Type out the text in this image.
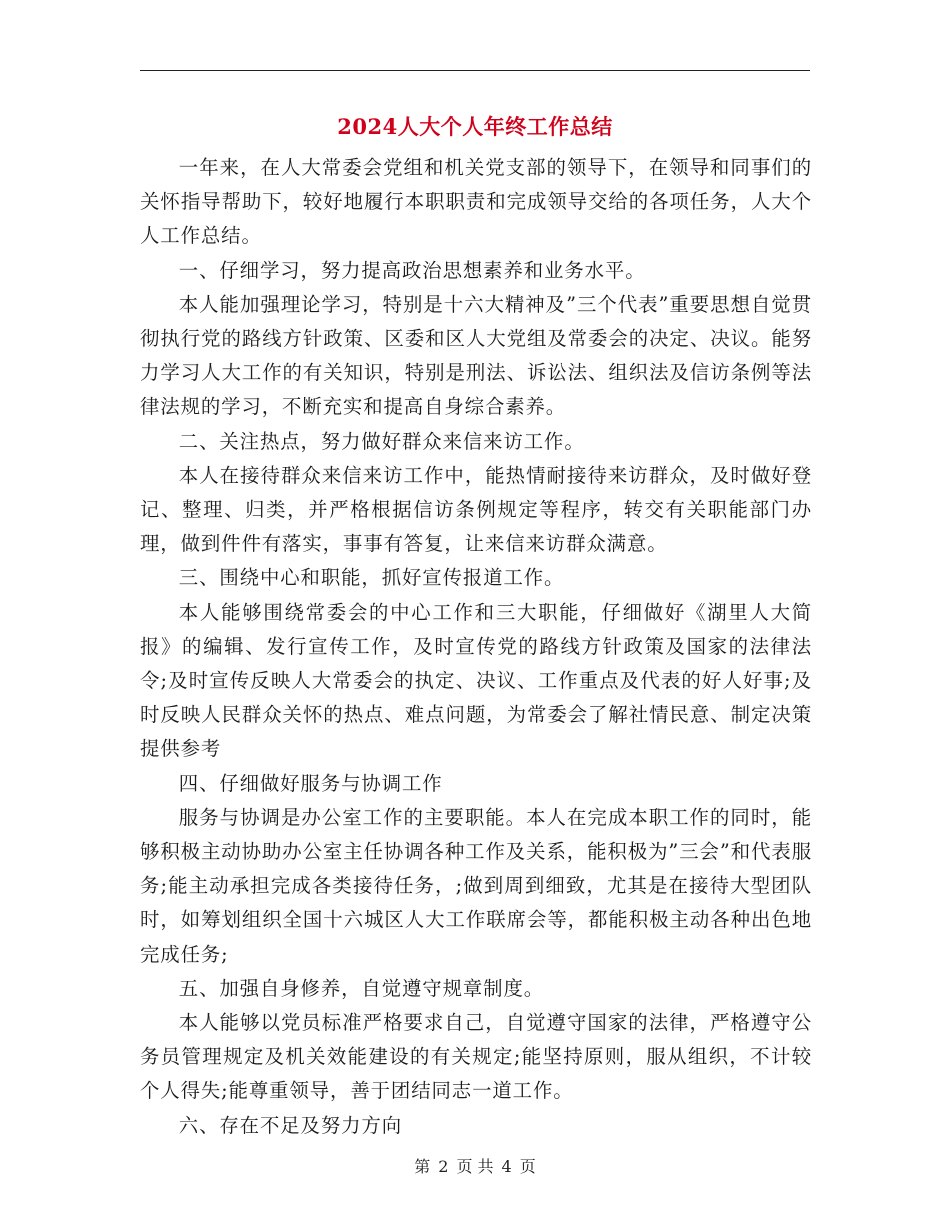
2024人大个人年终工作总结

一年来，在人大常委会党组和机关党支部的领导下，在领导和同事们的关怀指导帮助下，较好地履行本职职责和完成领导交给的各项任务，人大个人工作总结。

一、仔细学习，努力提高政治思想素养和业务水平。

本人能加强理论学习，特别是十六大精神及”三个代表”重要思想自觉贯彻执行党的路线方针政策、区委和区人大党组及常委会的决定、决议。能努力学习人大工作的有关知识，特别是刑法、诉讼法、组织法及信访条例等法律法规的学习，不断充实和提高自身综合素养。

二、关注热点，努力做好群众来信来访工作。

本人在接待群众来信来访工作中，能热情耐接待来访群众，及时做好登记、整理、归类，并严格根据信访条例规定等程序，转交有关职能部门办理，做到件件有落实，事事有答复，让来信来访群众满意。

三、围绕中心和职能，抓好宣传报道工作。

本人能够围绕常委会的中心工作和三大职能，仔细做好《湖里人大简报》的编辑、发行宣传工作，及时宣传党的路线方针政策及国家的法律法令;及时宣传反映人大常委会的执定、决议、工作重点及代表的好人好事;及时反映人民群众关怀的热点、难点问题，为常委会了解社情民意、制定决策提供参考

四、仔细做好服务与协调工作

服务与协调是办公室工作的主要职能。本人在完成本职工作的同时，能够积极主动协助办公室主任协调各种工作及关系，能积极为”三会”和代表服务;能主动承担完成各类接待任务，;做到周到细致，尤其是在接待大型团队时，如筹划组织全国十六城区人大工作联席会等，都能积极主动各种出色地完成任务;

五、加强自身修养，自觉遵守规章制度。

本人能够以党员标准严格要求自己，自觉遵守国家的法律，严格遵守公务员管理规定及机关效能建设的有关规定;能坚持原则，服从组织，不计较个人得失;能尊重领导，善于团结同志一道工作。

六、存在不足及努力方向

第 2 页 共 4 页
